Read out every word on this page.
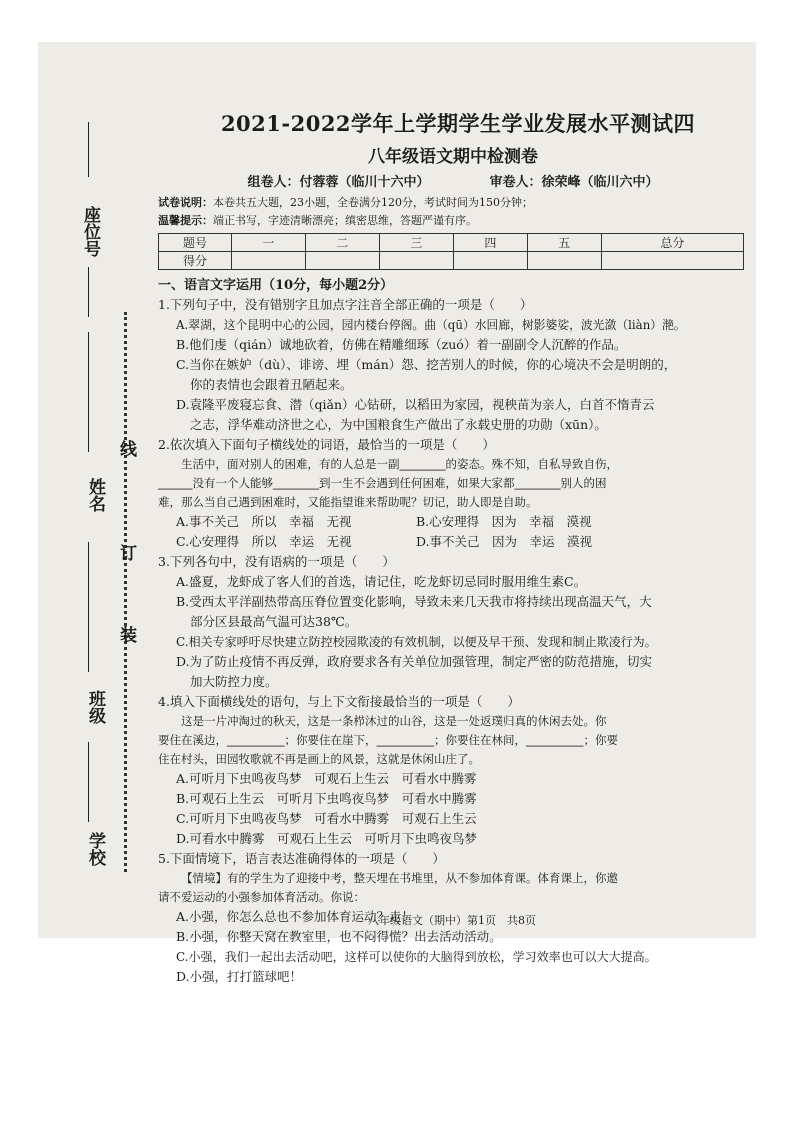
座位号
姓名
线
订
装
班级
学校
2021-2022学年上学期学生学业发展水平测试四
八年级语文期中检测卷
组卷人：付蓉蓉（临川十六中）	审卷人：徐荣峰（临川六中）
试卷说明：本卷共五大题，23小题，全卷满分120分，考试时间为150分钟；
温馨提示：端正书写，字迹清晰漂亮；缜密思维，答题严谨有序。
题号	一	二	三	四	五	总分
得分						
一、语言文字运用（10分，每小题2分）
1.下列句子中，没有错别字且加点字注音全部正确的一项是（　　）
A.翠湖，这个昆明中心的公园，园内楼台停阁。曲（qū）水回廊，树影婆娑，波光潋（liàn）滟。
B.他们虔（qián）诚地砍着，仿佛在精雕细琢（zuó）着一副副令人沉醉的作品。
C.当你在嫉妒（dù）、诽谤、埋（mán）怨、挖苦别人的时候，你的心境决不会是明朗的，
你的表情也会跟着丑陋起来。
D.袁隆平废寝忘食、潜（qiǎn）心钻研，以稻田为家园，视秧苗为亲人，白首不惰青云
之志，浮华难动济世之心，为中国粮食生产做出了永载史册的功勋（xūn）。
2.依次填入下面句子横线处的词语，最恰当的一项是（　　）
生活中，面对别人的困难，有的人总是一副________的姿态。殊不知，自私导致自伤，
______没有一个人能够________到一生不会遇到任何困难，如果大家都________别人的困
难，那么当自己遇到困难时，又能指望谁来帮助呢？切记，助人即是自助。
A.事不关己　所以　幸福　无视	B.心安理得　因为　幸福　漠视
C.心安理得　所以　幸运　无视	D.事不关己　因为　幸运　漠视
3.下列各句中，没有语病的一项是（　　）
A.盛夏，龙虾成了客人们的首选，请记住，吃龙虾切忌同时服用维生素C。
B.受西太平洋副热带高压脊位置变化影响，导致未来几天我市将持续出现高温天气，大
部分区县最高气温可达38℃。
C.相关专家呼吁尽快建立防控校园欺凌的有效机制，以便及早干预、发现和制止欺凌行为。
D.为了防止疫情不再反弹，政府要求各有关单位加强管理，制定严密的防范措施，切实
加大防控力度。
4.填入下面横线处的语句，与上下文衔接最恰当的一项是（　　）
这是一片冲淘过的秋天，这是一条栉沐过的山谷，这是一处返璞归真的休闲去处。你
要住在溪边，__________；你要住在崖下，__________；你要住在林间，__________；你要
住在村头，田园牧歌就不再是画上的风景，这就是休闲山庄了。
A.可听月下虫鸣夜鸟梦　可观石上生云　可看水中腾雾
B.可观石上生云　可听月下虫鸣夜鸟梦　可看水中腾雾
C.可听月下虫鸣夜鸟梦　可看水中腾雾　可观石上生云
D.可看水中腾雾　可观石上生云　可听月下虫鸣夜鸟梦
5.下面情境下，语言表达准确得体的一项是（　　）
【情境】有的学生为了迎接中考，整天埋在书堆里，从不参加体育课。体育课上，你邀
请不爱运动的小强参加体育活动。你说：
A.小强，你怎么总也不参加体育运动？走！
B.小强，你整天窝在教室里，也不闷得慌？出去活动活动。
C.小强，我们一起出去活动吧，这样可以使你的大脑得到放松，学习效率也可以大大提高。
D.小强，打打篮球吧！
八年级语文（期中）第1页　共8页
